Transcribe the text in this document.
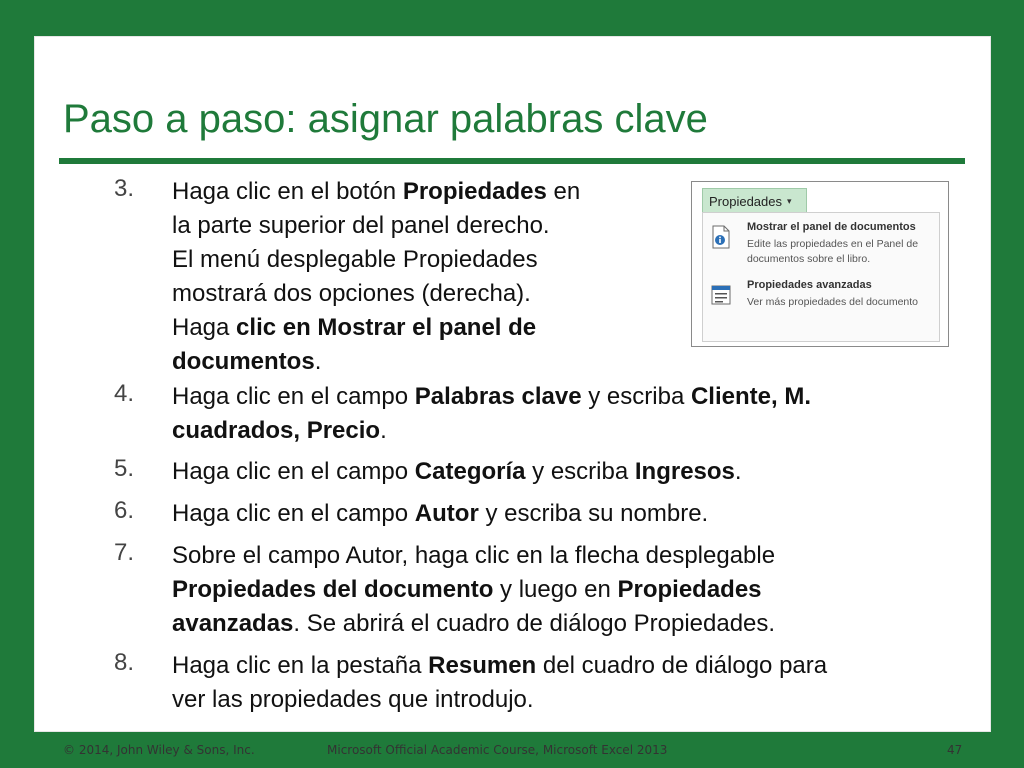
Paso a paso: asignar palabras clave
3.	Haga clic en el botón Propiedades en
la parte superior del panel derecho.
El menú desplegable Propiedades
mostrará dos opciones (derecha).
Haga clic en Mostrar el panel de
documentos.
4.	Haga clic en el campo Palabras clave y escriba Cliente, M.
cuadrados, Precio.
5.	Haga clic en el campo Categoría y escriba Ingresos.
6.	Haga clic en el campo Autor y escriba su nombre.
7.	Sobre el campo Autor, haga clic en la flecha desplegable
Propiedades del documento y luego en Propiedades
avanzadas. Se abrirá el cuadro de diálogo Propiedades.
8.	Haga clic en la pestaña Resumen del cuadro de diálogo para
ver las propiedades que introdujo.
Propiedades ▾
Mostrar el panel de documentos
Edite las propiedades en el Panel de documentos sobre el libro.
Propiedades avanzadas
Ver más propiedades del documento
© 2014, John Wiley & Sons, Inc.	Microsoft Official Academic Course, Microsoft Excel 2013	47
